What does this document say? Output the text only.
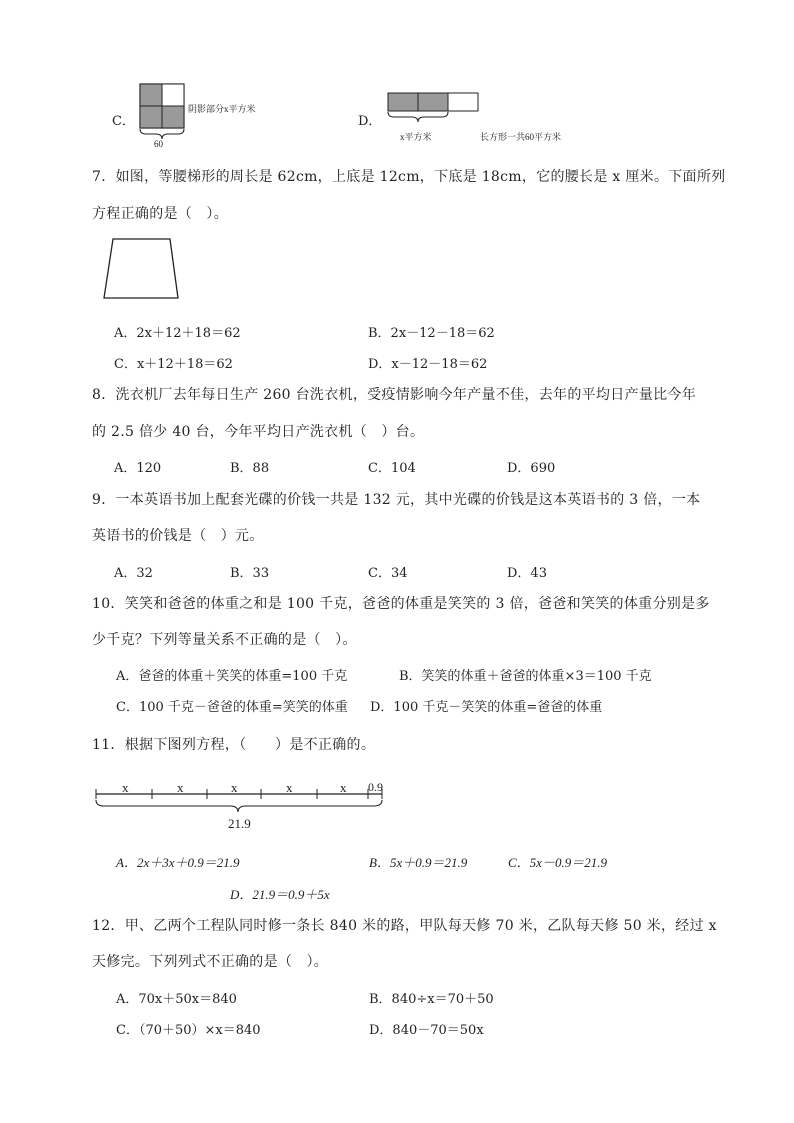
C．
60
阴影部分x平方米
D．
x平方米	长方形一共60平方米
7．如图，等腰梯形的周长是 62cm，上底是 12cm，下底是 18cm，它的腰长是 x 厘米。下面所列
方程正确的是（　）。
A．2x＋12＋18＝62	B．2x－12－18＝62
C．x＋12＋18＝62	D．x－12－18＝62
8．洗衣机厂去年每日生产 260 台洗衣机，受疫情影响今年产量不佳，去年的平均日产量比今年
的 2.5 倍少 40 台，今年平均日产洗衣机（　）台。
A．120	B．88	C．104	D．690
9．一本英语书加上配套光碟的价钱一共是 132 元，其中光碟的价钱是这本英语书的 3 倍，一本
英语书的价钱是（　）元。
A．32	B．33	C．34	D．43
10．笑笑和爸爸的体重之和是 100 千克，爸爸的体重是笑笑的 3 倍，爸爸和笑笑的体重分别是多
少千克？下列等量关系不正确的是（　）。
A．爸爸的体重＋笑笑的体重=100 千克	B．笑笑的体重＋爸爸的体重×3＝100 千克
C．100 千克－爸爸的体重=笑笑的体重 D．100 千克－笑笑的体重=爸爸的体重
11．根据下图列方程，（　　）是不正确的。
x	x	x	x	x 0.9
21.9
A．2x＋3x＋0.9＝21.9	B．5x＋0.9＝21.9	C．5x－0.9＝21.9
D．21.9＝0.9＋5x
12．甲、乙两个工程队同时修一条长 840 米的路，甲队每天修 70 米，乙队每天修 50 米，经过 x
天修完。下列列式不正确的是（　）。
A．70x＋50x＝840	B．840÷x＝70＋50
C．（70＋50）×x＝840	D．840－70＝50x
